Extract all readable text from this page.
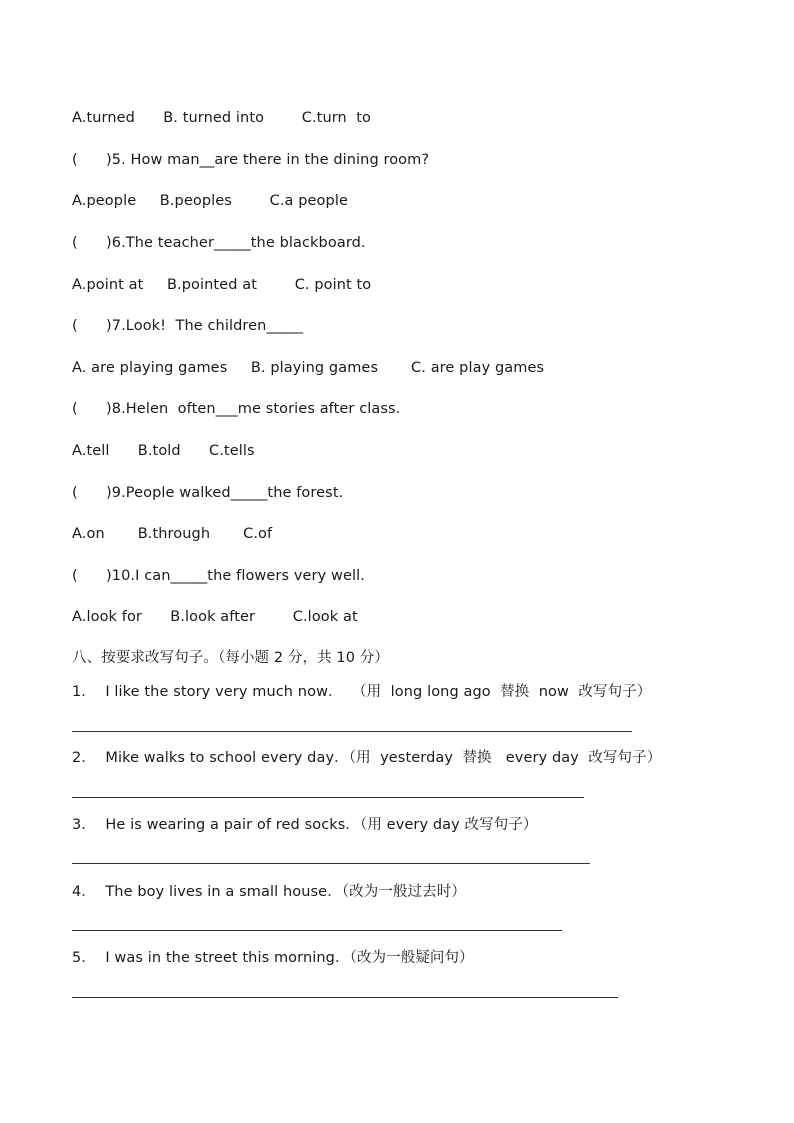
A.turned      B. turned into        C.turn  to
(      )5. How man__are there in the dining room?
A.people     B.peoples        C.a people
(      )6.The teacher_____the blackboard.
A.point at     B.pointed at        C. point to
(      )7.Look!  The children_____
A. are playing games     B. playing games       C. are play games
(      )8.Helen  often___me stories after class.
A.tell      B.told      C.tells
(      )9.People walked_____the forest.
A.on       B.through       C.of
(      )10.I can_____the flowers very well.
A.look for      B.look after        C.look at
八、按要求改写句子。（每小题 2 分，共 10 分）
1．  I like the story very much now．  （用  long long ago  替换  now  改写句子）
2．  Mike walks to school every day．（用  yesterday  替换   every day  改写句子）
3．  He is wearing a pair of red socks．（用 every day 改写句子）
4．  The boy lives in a small house．（改为一般过去时）
5．  I was in the street this morning．（改为一般疑问句）
